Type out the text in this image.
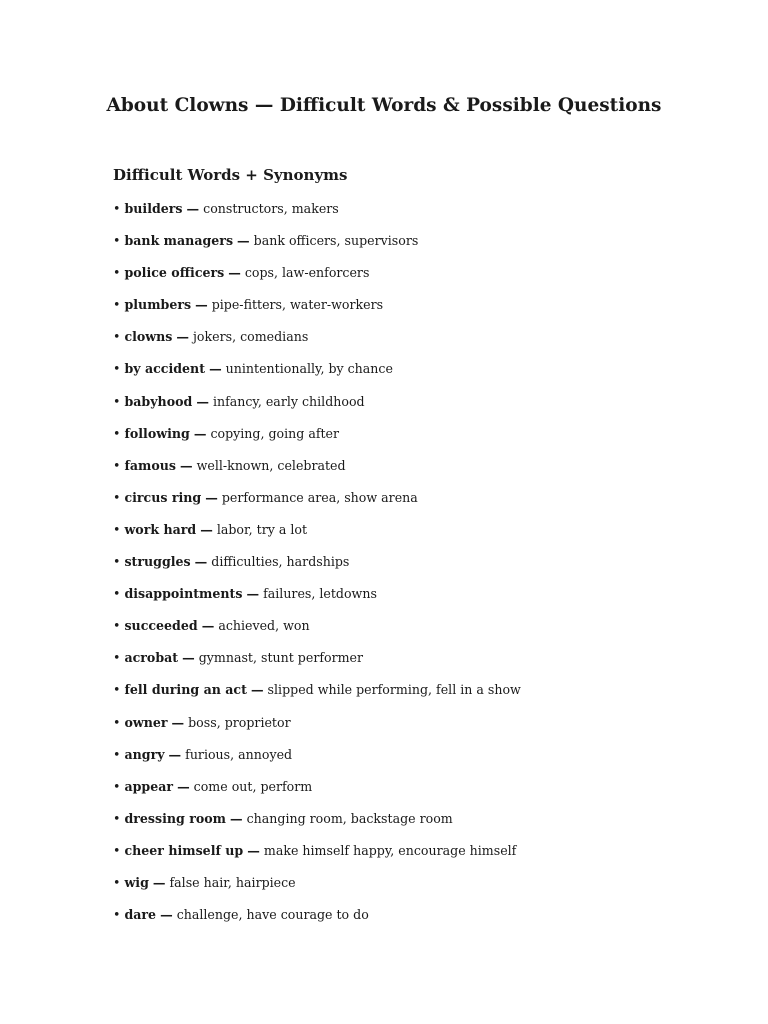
About Clowns — Difficult Words & Possible Questions
Difficult Words + Synonyms
• builders — constructors, makers
• bank managers — bank officers, supervisors
• police officers — cops, law-enforcers
• plumbers — pipe-fitters, water-workers
• clowns — jokers, comedians
• by accident — unintentionally, by chance
• babyhood — infancy, early childhood
• following — copying, going after
• famous — well-known, celebrated
• circus ring — performance area, show arena
• work hard — labor, try a lot
• struggles — difficulties, hardships
• disappointments — failures, letdowns
• succeeded — achieved, won
• acrobat — gymnast, stunt performer
• fell during an act — slipped while performing, fell in a show
• owner — boss, proprietor
• angry — furious, annoyed
• appear — come out, perform
• dressing room — changing room, backstage room
• cheer himself up — make himself happy, encourage himself
• wig — false hair, hairpiece
• dare — challenge, have courage to do
